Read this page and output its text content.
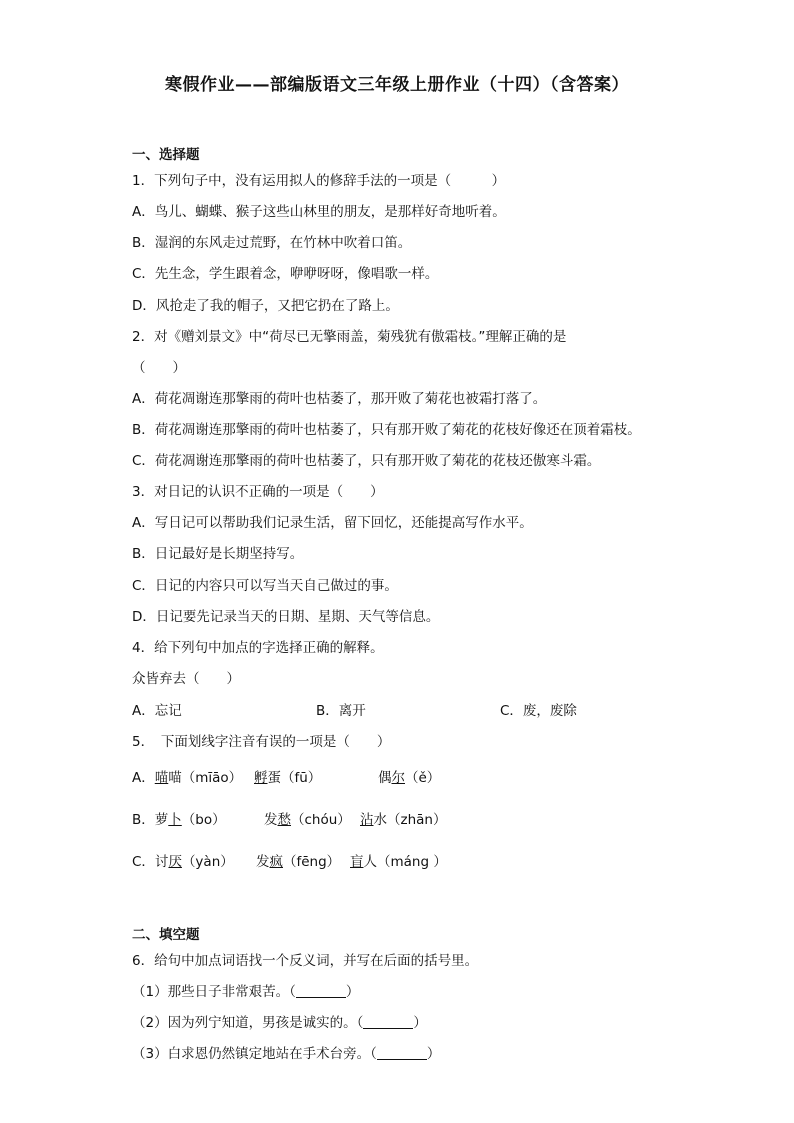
寒假作业——部编版语文三年级上册作业（十四）（含答案）
一、选择题
1．下列句子中，没有运用拟人的修辞手法的一项是（　　　）
A．鸟儿、蝴蝶、猴子这些山林里的朋友，是那样好奇地听着。
B．湿润的东风走过荒野，在竹林中吹着口笛。
C．先生念，学生跟着念，咿咿呀呀，像唱歌一样。
D．风抢走了我的帽子，又把它扔在了路上。
2．对《赠刘景文》中“荷尽已无擎雨盖，菊残犹有傲霜枝。”理解正确的是
（　　）
A．荷花凋谢连那擎雨的荷叶也枯萎了，那开败了菊花也被霜打落了。
B．荷花凋谢连那擎雨的荷叶也枯萎了，只有那开败了菊花的花枝好像还在顶着霜枝。
C．荷花凋谢连那擎雨的荷叶也枯萎了，只有那开败了菊花的花枝还傲寒斗霜。
3．对日记的认识不正确的一项是（　　）
A．写日记可以帮助我们记录生活，留下回忆，还能提高写作水平。
B．日记最好是长期坚持写。
C．日记的内容只可以写当天自己做过的事。
D．日记要先记录当天的日期、星期、天气等信息。
4．给下列句中加点的字选择正确的解释。
众皆弃去（　　）
A．忘记	B．离开	C．废，废除
5．　下面划线字注音有误的一项是（　　）
A．喵喵（mīāo） 孵蛋（fū）	偶尔（ě）
B．萝卜（bo）	发愁（chóu） 沾水（zhān）
C．讨厌（yàn） 发疯（fēng） 盲人（máng ）
二、填空题
6．给句中加点词语找一个反义词，并写在后面的括号里。
（1）那些日子非常艰苦。（	）
（2）因为列宁知道，男孩是诚实的。（	）
（3）白求恩仍然镇定地站在手术台旁。（	）
